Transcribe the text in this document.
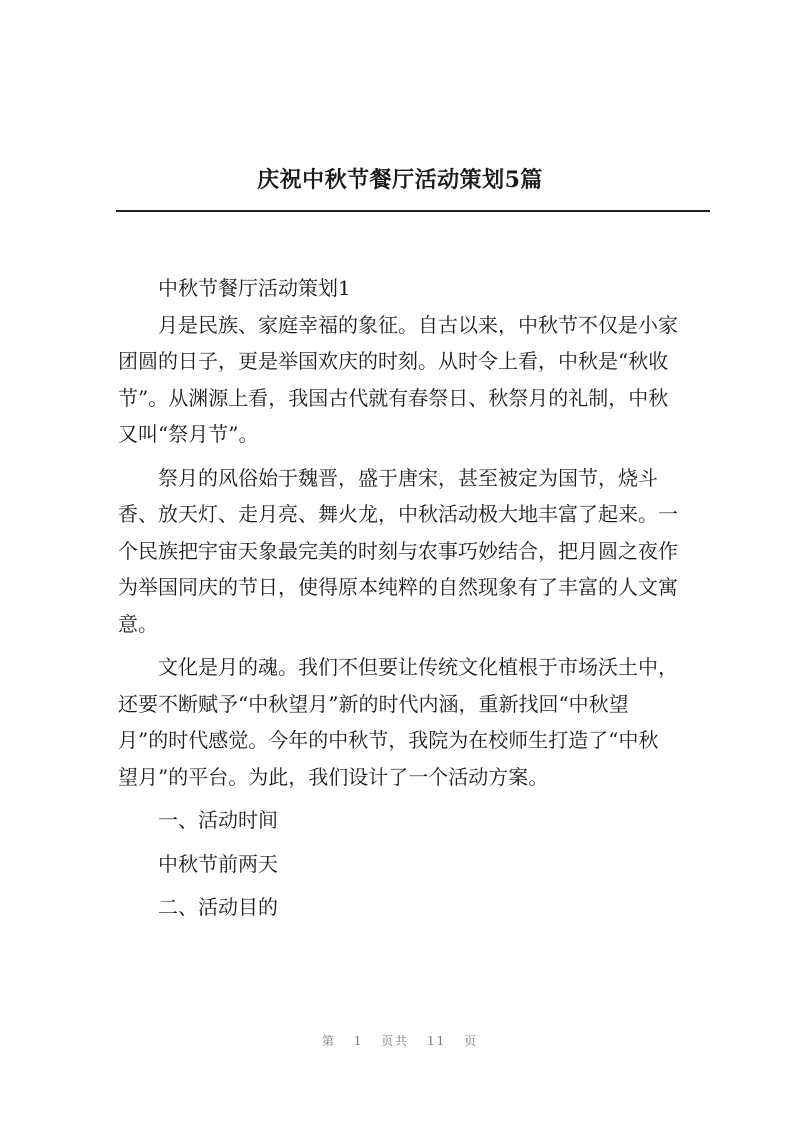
庆祝中秋节餐厅活动策划5篇

中秋节餐厅活动策划1

月是民族、家庭幸福的象征。自古以来，中秋节不仅是小家
团圆的日子，更是举国欢庆的时刻。从时令上看，中秋是“秋收
节”。从渊源上看，我国古代就有春祭日、秋祭月的礼制，中秋
又叫“祭月节”。

祭月的风俗始于魏晋，盛于唐宋，甚至被定为国节，烧斗
香、放天灯、走月亮、舞火龙，中秋活动极大地丰富了起来。一
个民族把宇宙天象最完美的时刻与农事巧妙结合，把月圆之夜作
为举国同庆的节日，使得原本纯粹的自然现象有了丰富的人文寓
意。

文化是月的魂。我们不但要让传统文化植根于市场沃土中，
还要不断赋予“中秋望月”新的时代内涵，重新找回“中秋望
月”的时代感觉。今年的中秋节，我院为在校师生打造了“中秋
望月”的平台。为此，我们设计了一个活动方案。

一、活动时间

中秋节前两天

二、活动目的

第 1 页共 11 页
